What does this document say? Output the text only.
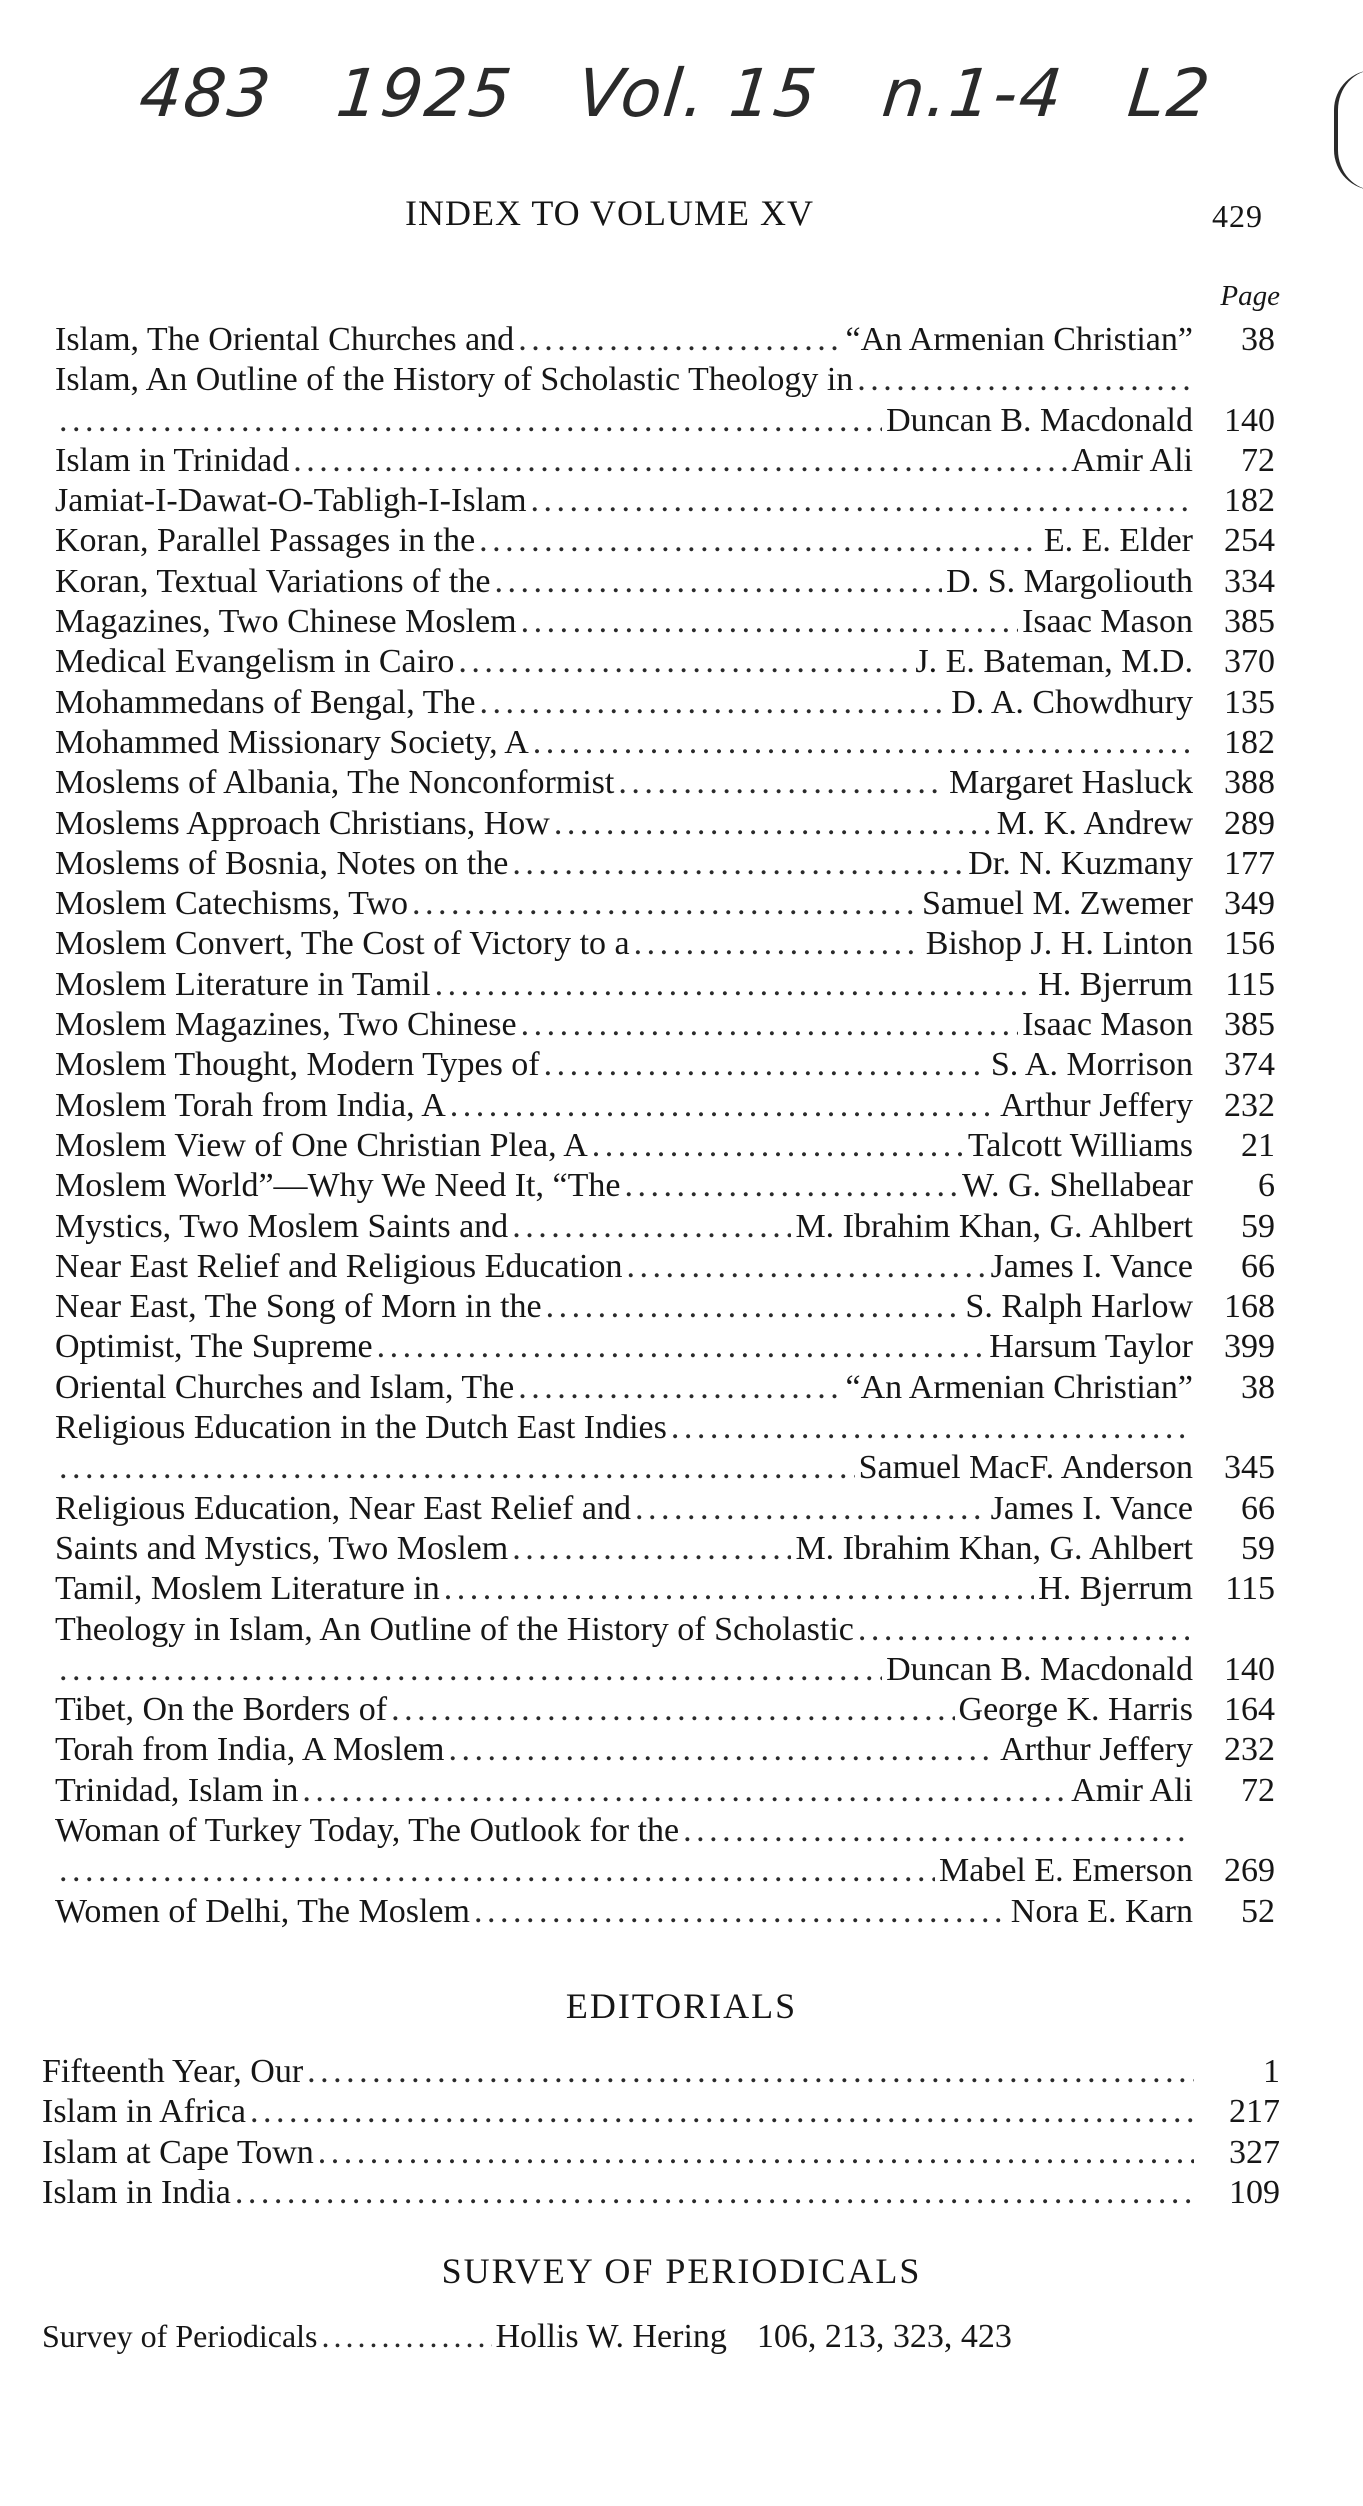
483 1925 Vol. 15 n.1-4 L2
INDEX TO VOLUME XV	429
Page
Islam, The Oriental Churches and . . .	“An Armenian Christian”	38
Islam, An Outline of the History of Scholastic Theology in
. . .
. . .
Duncan B. Macdonald 140
Islam in Trinidad . . .	Amir Ali	72
Jamiat-I-Dawat-O-Tabligh-I-Islam . . .	182
Koran, Parallel Passages in the . . .	E. E. Elder 254
Koran, Textual Variations of the . . .	D. S. Margoliouth 334
Magazines, Two Chinese Moslem . . .	Isaac Mason 385
Medical Evangelism in Cairo . . .	J. E. Bateman, M.D. 370
Mohammedans of Bengal, The . . .	D. A. Chowdhury 135
Mohammed Missionary Society, A . . .	182
Moslems of Albania, The Nonconformist . . .	Margaret Hasluck 388
Moslems Approach Christians, How . . .	M. K. Andrew 289
Moslems of Bosnia, Notes on the . . .	Dr. N. Kuzmany 177
Moslem Catechisms, Two . . .	Samuel M. Zwemer 349
Moslem Convert, The Cost of Victory to a . . .	Bishop J. H. Linton 156
Moslem Literature in Tamil . . .	H. Bjerrum 115
Moslem Magazines, Two Chinese . . .	Isaac Mason 385
Moslem Thought, Modern Types of . . .	S. A. Morrison 374
Moslem Torah from India, A . . .	Arthur Jeffery 232
Moslem View of One Christian Plea, A . . .	Talcott Williams	21
Moslem World”—Why We Need It, “The . . .	W. G. Shellabear	6
Mystics, Two Moslem Saints and . . .	M. Ibrahim Khan, G. Ahlbert	59
Near East Relief and Religious Education . . .	James I. Vance	66
Near East, The Song of Morn in the . . .	S. Ralph Harlow 168
Optimist, The Supreme . . .	Harsum Taylor 399
Oriental Churches and Islam, The . . .	“An Armenian Christian”	38
Religious Education in the Dutch East Indies
. . .
. . .
Samuel MacF. Anderson 345
Religious Education, Near East Relief and . . .	James I. Vance	66
Saints and Mystics, Two Moslem . . .	M. Ibrahim Khan, G. Ahlbert	59
Tamil, Moslem Literature in . . .	H. Bjerrum 115
Theology in Islam, An Outline of the History of Scholastic
. . .
. . .
Duncan B. Macdonald 140
Tibet, On the Borders of . . .	George K. Harris 164
Torah from India, A Moslem . . .	Arthur Jeffery 232
Trinidad, Islam in . . .	Amir Ali	72
Woman of Turkey Today, The Outlook for the
. . .
. . .
Mabel E. Emerson 269
Women of Delhi, The Moslem . . .	Nora E. Karn	52
EDITORIALS
Fifteenth Year, Our . . .	1
Islam in Africa . . .	217
Islam at Cape Town . . .	327
Islam in India . . .	109
SURVEY OF PERIODICALS
Survey of Periodicals . . .	Hollis W. Hering 106, 213, 323, 423
